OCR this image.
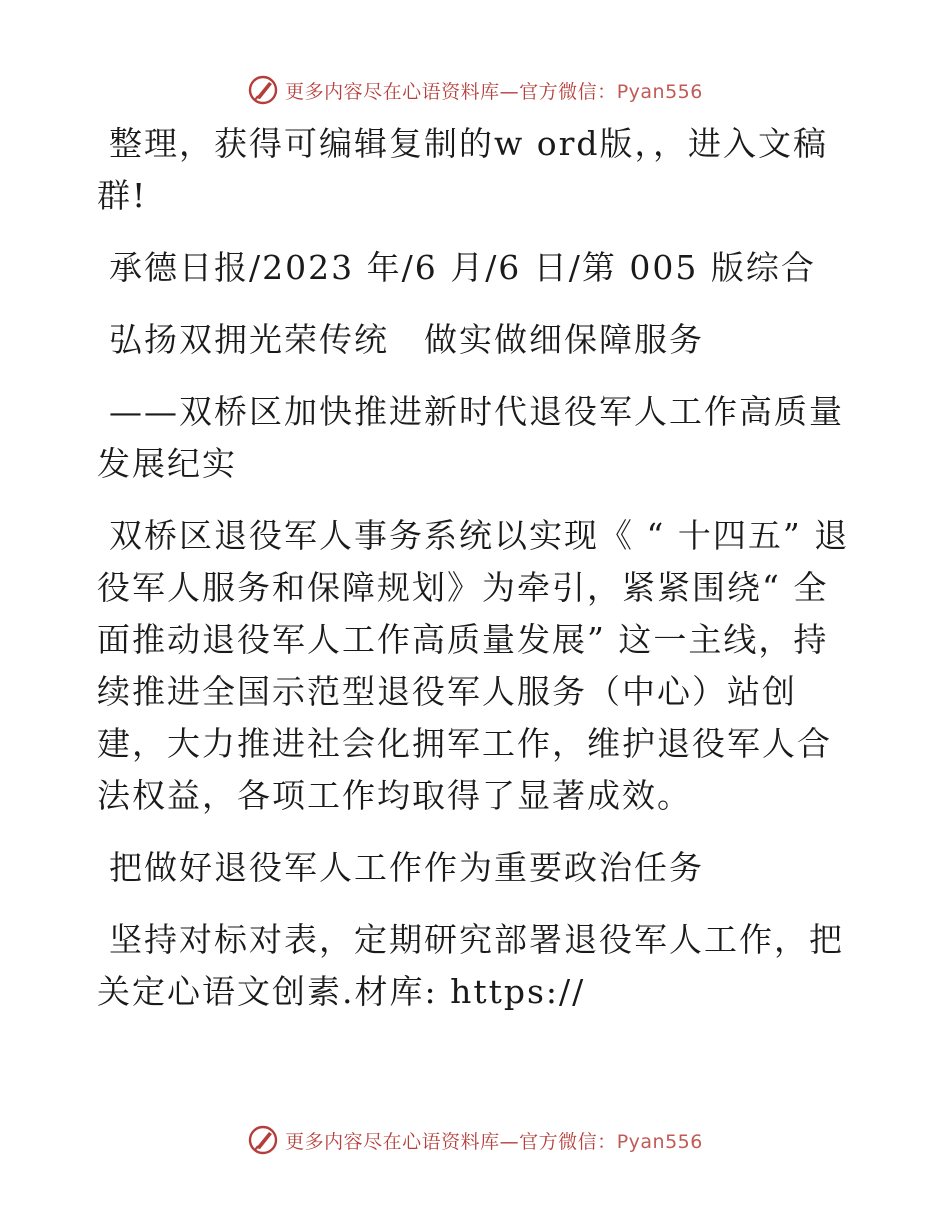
更多内容尽在心语资料库—官方微信：Pyan556

整理，获得可编辑复制的w ord版，，进入文稿群!

承德日报/2023 年/6 月/6 日/第 005 版综合

弘扬双拥光荣传统　做实做细保障服务

——双桥区加快推进新时代退役军人工作高质量发展纪实

双桥区退役军人事务系统以实现《 “ 十四五” 退役军人服务和保障规划》为牵引，紧紧围绕“ 全面推动退役军人工作高质量发展” 这一主线，持续推进全国示范型退役军人服务（中心）站创建，大力推进社会化拥军工作，维护退役军人合法权益，各项工作均取得了显著成效。

把做好退役军人工作作为重要政治任务

坚持对标对表，定期研究部署退役军人工作，把关定心语文创素.材库: https://

更多内容尽在心语资料库—官方微信：Pyan556
